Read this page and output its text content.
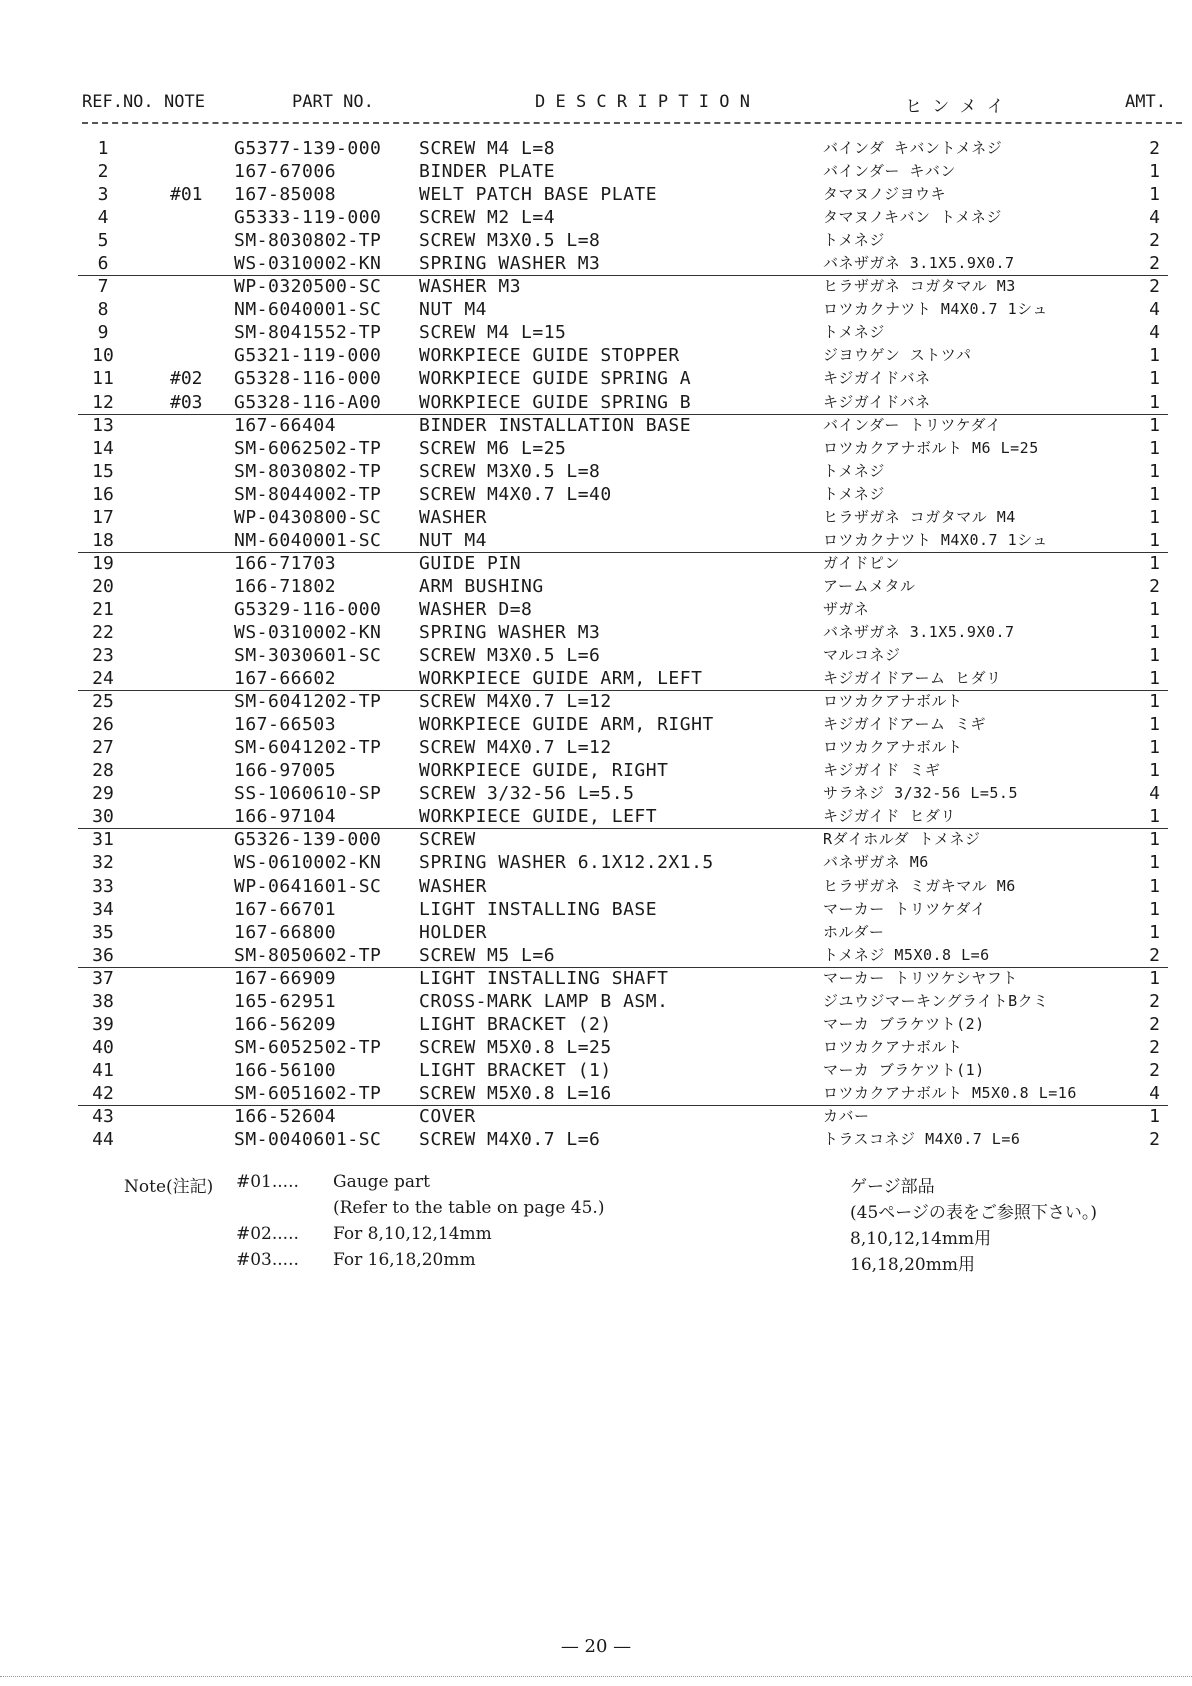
REF.NO. NOTE	PART NO.	D E S C R I P T I O N	ヒ ン メ イ	AMT.
1	G5377-139-000 SCREW M4 L=8	バインダ キバントメネジ	2
2	167-67006	BINDER PLATE	バインダー キバン	1
3	#01 167-85008	WELT PATCH BASE PLATE	タマヌノジヨウキ	1
4	G5333-119-000 SCREW M2 L=4	タマヌノキバン トメネジ	4
5	SM-8030802-TP SCREW M3X0.5 L=8	トメネジ	2
6	WS-0310002-KN SPRING WASHER M3	バネザガネ 3.1X5.9X0.7	2
7	WP-0320500-SC WASHER M3	ヒラザガネ コガタマル M3	2
8	NM-6040001-SC NUT M4	ロツカクナツト M4X0.7 1シュ	4
9	SM-8041552-TP SCREW M4 L=15	トメネジ	4
10	G5321-119-000 WORKPIECE GUIDE STOPPER	ジヨウゲン ストツパ	1
11	#02 G5328-116-000 WORKPIECE GUIDE SPRING A	キジガイドバネ	1
12	#03 G5328-116-A00 WORKPIECE GUIDE SPRING B	キジガイドバネ	1
13	167-66404	BINDER INSTALLATION BASE	バインダー トリツケダイ	1
14	SM-6062502-TP SCREW M6 L=25	ロツカクアナボルト M6 L=25	1
15	SM-8030802-TP SCREW M3X0.5 L=8	トメネジ	1
16	SM-8044002-TP SCREW M4X0.7 L=40	トメネジ	1
17	WP-0430800-SC WASHER	ヒラザガネ コガタマル M4	1
18	NM-6040001-SC NUT M4	ロツカクナツト M4X0.7 1シュ	1
19	166-71703	GUIDE PIN	ガイドピン	1
20	166-71802	ARM BUSHING	アームメタル	2
21	G5329-116-000 WASHER D=8	ザガネ	1
22	WS-0310002-KN SPRING WASHER M3	バネザガネ 3.1X5.9X0.7	1
23	SM-3030601-SC SCREW M3X0.5 L=6	マルコネジ	1
24	167-66602	WORKPIECE GUIDE ARM, LEFT	キジガイドアーム ヒダリ	1
25	SM-6041202-TP SCREW M4X0.7 L=12	ロツカクアナボルト	1
26	167-66503	WORKPIECE GUIDE ARM, RIGHT	キジガイドアーム ミギ	1
27	SM-6041202-TP SCREW M4X0.7 L=12	ロツカクアナボルト	1
28	166-97005	WORKPIECE GUIDE, RIGHT	キジガイド ミギ	1
29	SS-1060610-SP SCREW 3/32-56 L=5.5	サラネジ 3/32-56 L=5.5	4
30	166-97104	WORKPIECE GUIDE, LEFT	キジガイド ヒダリ	1
31	G5326-139-000 SCREW	Rダイホルダ トメネジ	1
32	WS-0610002-KN SPRING WASHER 6.1X12.2X1.5	バネザガネ M6	1
33	WP-0641601-SC WASHER	ヒラザガネ ミガキマル M6	1
34	167-66701	LIGHT INSTALLING BASE	マーカー トリツケダイ	1
35	167-66800	HOLDER	ホルダー	1
36	SM-8050602-TP SCREW M5 L=6	トメネジ M5X0.8 L=6	2
37	167-66909	LIGHT INSTALLING SHAFT	マーカー トリツケシヤフト	1
38	165-62951	CROSS-MARK LAMP B ASM.	ジユウジマーキングライトBクミ	2
39	166-56209	LIGHT BRACKET (2)	マーカ ブラケツト(2)	2
40	SM-6052502-TP SCREW M5X0.8 L=25	ロツカクアナボルト	2
41	166-56100	LIGHT BRACKET (1)	マーカ ブラケツト(1)	2
42	SM-6051602-TP SCREW M5X0.8 L=16	ロツカクアナボルト M5X0.8 L=16	4
43	166-52604	COVER	カバー	1
44	SM-0040601-SC SCREW M4X0.7 L=6	トラスコネジ M4X0.7 L=6	2
Note(注記) #01..... Gauge part	ゲージ部品
(Refer to the table on page 45.)	(45ページの表をご参照下さい。)
#02..... For 8,10,12,14mm	8,10,12,14mm用
#03..... For 16,18,20mm	16,18,20mm用
— 20 —
